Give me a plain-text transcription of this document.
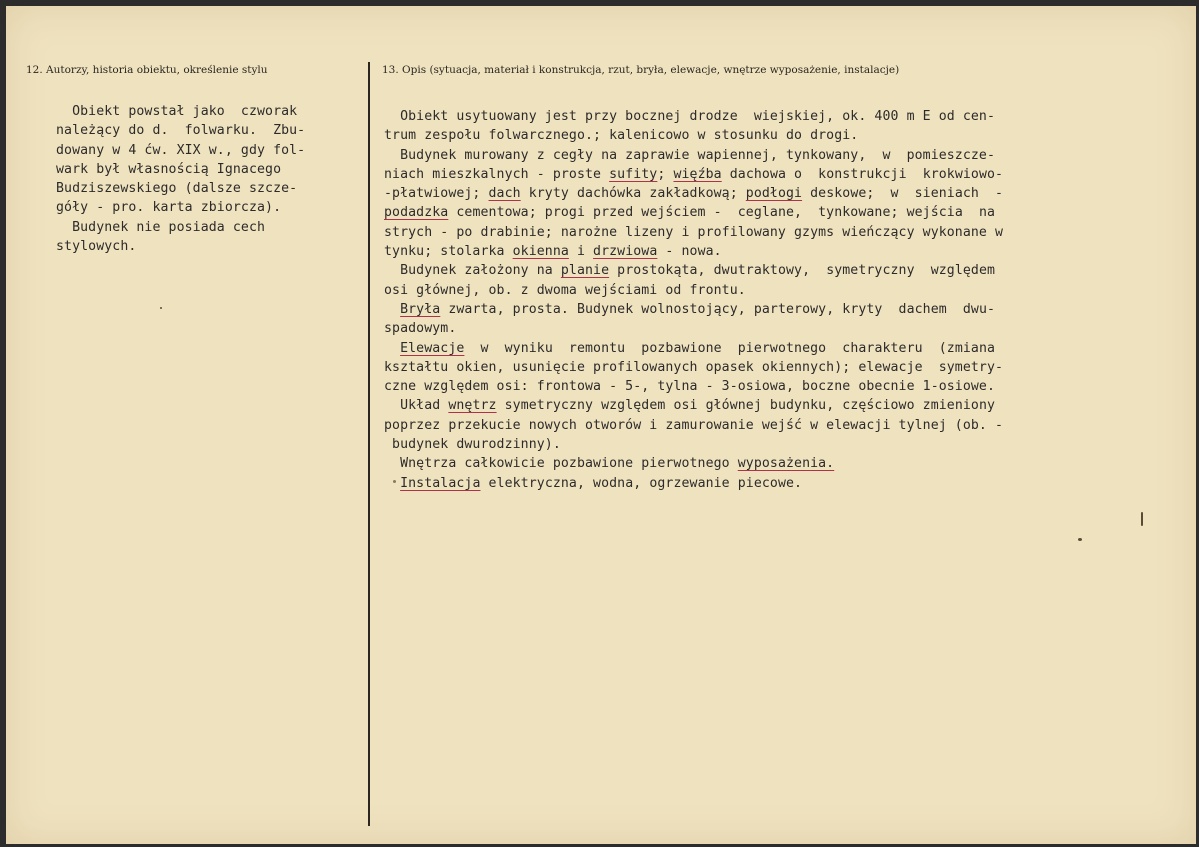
12. Autorzy, historia obiektu, określenie stylu	13. Opis (sytuacja, materiał i konstrukcja, rzut, bryła, elewacje, wnętrze wyposażenie, instalacje)
Obiekt powstał jako  czworak
należący do d.  folwarku.  Zbu-
dowany w 4 ćw. XIX w., gdy fol-
wark był własnością Ignacego
Budziszewskiego (dalsze szcze-
góły - pro. karta zbiorcza).
Budynek nie posiada cech
stylowych.
Obiekt usytuowany jest przy bocznej drodze  wiejskiej, ok. 400 m E od cen-
trum zespołu folwarcznego.; kalenicowo w stosunku do drogi.
Budynek murowany z cegły na zaprawie wapiennej, tynkowany,  w  pomieszcze-
niach mieszkalnych - proste sufity; więźba dachowa o  konstrukcji  krokwiowo-
-płatwiowej; dach kryty dachówka zakładkową; podłogi deskowe;  w  sieniach  -
podadzka cementowa; progi przed wejściem -  ceglane,  tynkowane; wejścia  na
strych - po drabinie; narożne lizeny i profilowany gzyms wieńczący wykonane w
tynku; stolarka okienna i drzwiowa - nowa.
Budynek założony na planie prostokąta, dwutraktowy,  symetryczny  względem
osi głównej, ob. z dwoma wejściami od frontu.
Bryła zwarta, prosta. Budynek wolnostojący, parterowy, kryty  dachem  dwu-
spadowym.
Elewacje  w  wyniku  remontu  pozbawione  pierwotnego  charakteru  (zmiana
kształtu okien, usunięcie profilowanych opasek okiennych); elewacje  symetry-
czne względem osi: frontowa - 5-, tylna - 3-osiowa, boczne obecnie 1-osiowe.
Układ wnętrz symetryczny względem osi głównej budynku, częściowo zmieniony
poprzez przekucie nowych otworów i zamurowanie wejść w elewacji tylnej (ob. -
budynek dwurodzinny).
Wnętrza całkowicie pozbawione pierwotnego wyposażenia.
Instalacja elektryczna, wodna, ogrzewanie piecowe.
